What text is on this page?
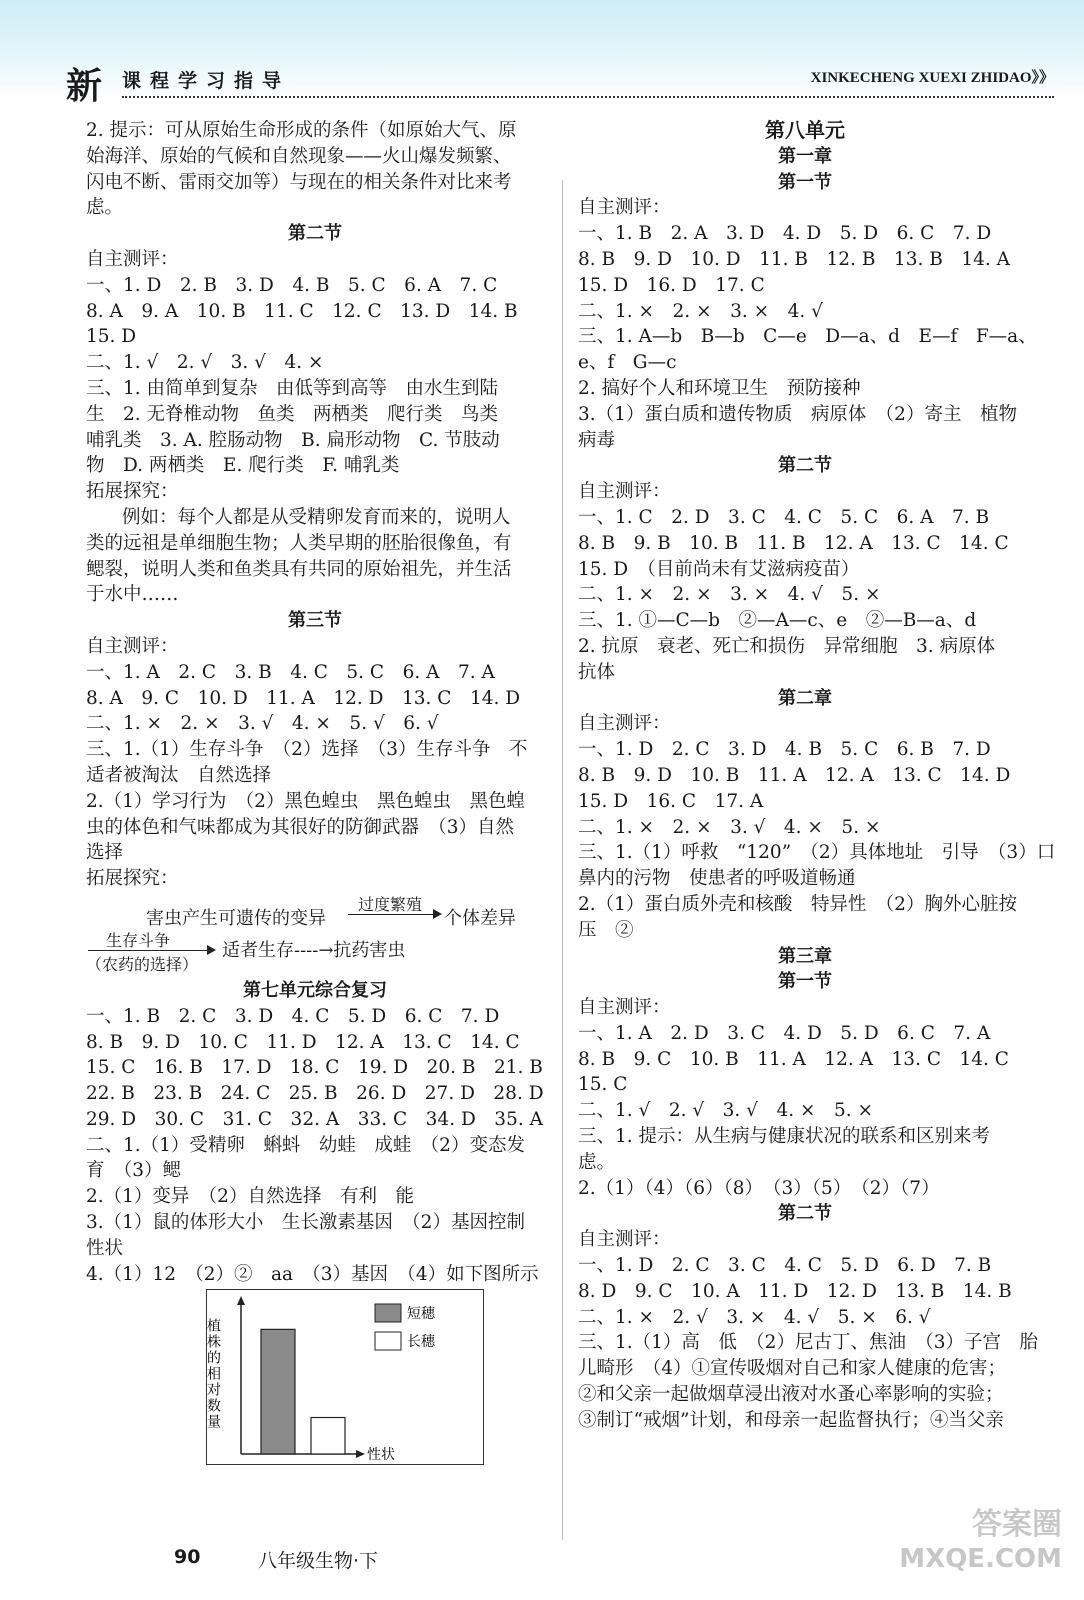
新 课程学习指导	XINKECHENG XUEXI ZHIDAO》》
2. 提示：可从原始生命形成的条件（如原始大气、原
始海洋、原始的气候和自然现象——火山爆发频繁、
闪电不断、雷雨交加等）与现在的相关条件对比来考
虑。
第二节
自主测评：
一、1. D　2. B　3. D　4. B　5. C　6. A　7. C
8. A　9. A　10. B　11. C　12. C　13. D　14. B
15. D
二、1. √　2. √　3. √　4. ×
三、1. 由简单到复杂　由低等到高等　由水生到陆
生　2. 无脊椎动物　鱼类　两栖类　爬行类　鸟类
哺乳类　3. A. 腔肠动物　B. 扁形动物　C. 节肢动
物　D. 两栖类　E. 爬行类　F. 哺乳类
拓展探究：
例如：每个人都是从受精卵发育而来的，说明人
类的远祖是单细胞生物；人类早期的胚胎很像鱼，有
鳃裂，说明人类和鱼类具有共同的原始祖先，并生活
于水中……
第三节
自主测评：
一、1. A　2. C　3. B　4. C　5. C　6. A　7. A
8. A　9. C　10. D　11. A　12. D　13. C　14. D
二、1. ×　2. ×　3. √　4. ×　5. √　6. √
三、1.（1）生存斗争　（2）选择　（3）生存斗争　不
适者被淘汰　自然选择
2.（1）学习行为　（2）黑色蝗虫　黑色蝗虫　黑色蝗
虫的体色和气味都成为其很好的防御武器　（3）自然
选择
拓展探究：
害虫产生可遗传的变异
过度繁殖
个体差异
生存斗争
（农药的选择）
适者生存----→抗药害虫
第七单元综合复习
一、1. B　2. C　3. D　4. C　5. D　6. C　7. D
8. B　9. D　10. C　11. D　12. A　13. C　14. C
15. C　16. B　17. D　18. C　19. D　20. B　21. B
22. B　23. B　24. C　25. B　26. D　27. D　28. D
29. D　30. C　31. C　32. A　33. C　34. D　35. A
二、1.（1）受精卵　蝌蚪　幼蛙　成蛙　（2）变态发
育　（3）鳃
2.（1）变异　（2）自然选择　有利　能
3.（1）鼠的体形大小　生长激素基因　（2）基因控制
性状
4.（1）12　（2）②　aa　（3）基因　（4）如下图所示
性状
植株的相对数量
短穗
长穗
第八单元
第一章
第一节
自主测评：
一、1. B　2. A　3. D　4. D　5. D　6. C　7. D
8. B　9. D　10. D　11. B　12. B　13. B　14. A
15. D　16. D　17. C
二、1. ×　2. ×　3. ×　4. √
三、1. A—b　B—b　C—e　D—a、d　E—f　F—a、
e、f　G—c
2. 搞好个人和环境卫生　预防接种
3.（1）蛋白质和遗传物质　病原体　（2）寄主　植物
病毒
第二节
自主测评：
一、1. C　2. D　3. C　4. C　5. C　6. A　7. B
8. B　9. B　10. B　11. B　12. A　13. C　14. C
15. D　（目前尚未有艾滋病疫苗）
二、1. ×　2. ×　3. ×　4. √　5. ×
三、1. ①—C—b　②—A—c、e　②—B—a、d
2. 抗原　衰老、死亡和损伤　异常细胞　3. 病原体
抗体
第二章
自主测评：
一、1. D　2. C　3. D　4. B　5. C　6. B　7. D
8. B　9. D　10. B　11. A　12. A　13. C　14. D
15. D　16. C　17. A
二、1. ×　2. ×　3. √　4. ×　5. ×
三、1.（1）呼救　“120”　（2）具体地址　引导　（3）口
鼻内的污物　使患者的呼吸道畅通
2.（1）蛋白质外壳和核酸　特异性　（2）胸外心脏按
压　②
第三章
第一节
自主测评：
一、1. A　2. D　3. C　4. D　5. D　6. C　7. A
8. B　9. C　10. B　11. A　12. A　13. C　14. C
15. C
二、1. √　2. √　3. √　4. ×　5. ×
三、1. 提示：从生病与健康状况的联系和区别来考
虑。
2.（1）（4）（6）（8）　（3）（5）　（2）（7）
第二节
自主测评：
一、1. D　2. C　3. C　4. C　5. D　6. D　7. B
8. D　9. C　10. A　11. D　12. D　13. B　14. B
二、1. ×　2. √　3. ×　4. √　5. ×　6. √
三、1.（1）高　低　（2）尼古丁、焦油　（3）子宫　胎
儿畸形　（4）①宣传吸烟对自己和家人健康的危害；
②和父亲一起做烟草浸出液对水蚤心率影响的实验；
③制订“戒烟”计划，和母亲一起监督执行；④当父亲
90	八年级生物·下
答案圈
MXQE.COM
